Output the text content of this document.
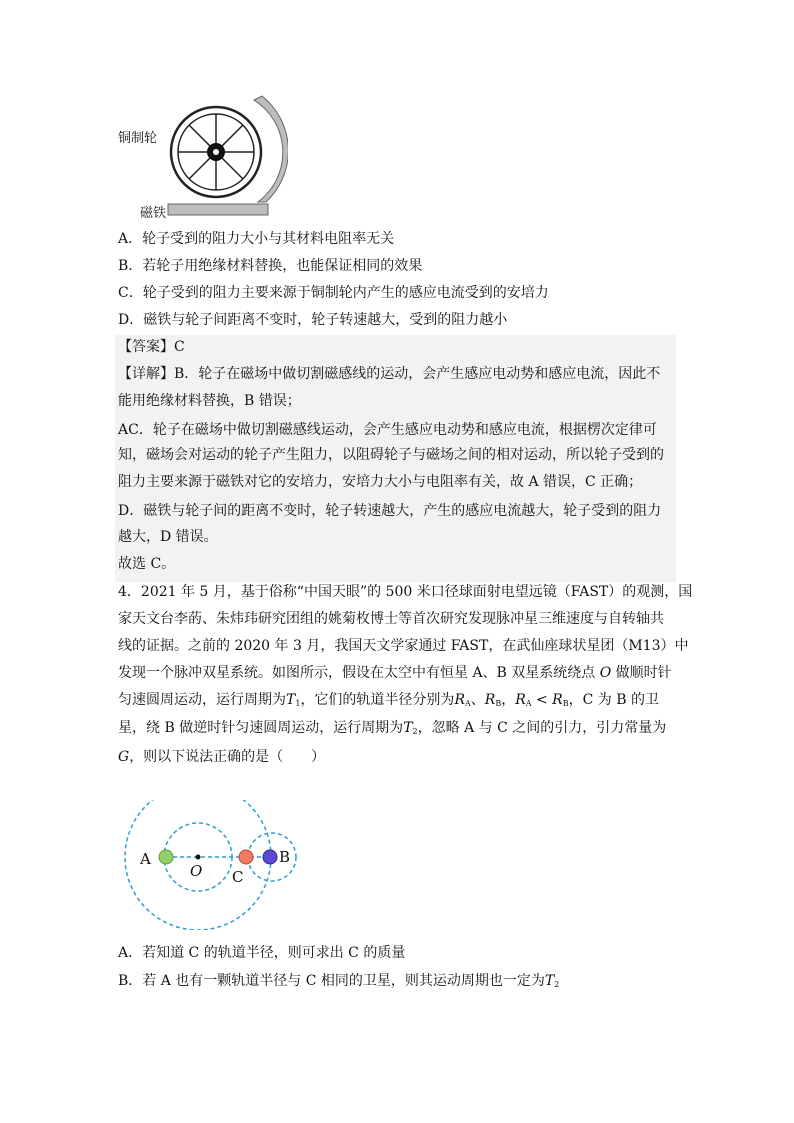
铜制轮
磁铁
A．轮子受到的阻力大小与其材料电阻率无关
B．若轮子用绝缘材料替换，也能保证相同的效果
C．轮子受到的阻力主要来源于铜制轮内产生的感应电流受到的安培力
D．磁铁与轮子间距离不变时，轮子转速越大，受到的阻力越小
【答案】C
【详解】B．轮子在磁场中做切割磁感线的运动，会产生感应电动势和感应电流，因此不
能用绝缘材料替换，B 错误；
AC．轮子在磁场中做切割磁感线运动，会产生感应电动势和感应电流，根据楞次定律可
知，磁场会对运动的轮子产生阻力，以阻碍轮子与磁场之间的相对运动，所以轮子受到的
阻力主要来源于磁铁对它的安培力，安培力大小与电阻率有关，故 A 错误，C 正确；
D．磁铁与轮子间的距离不变时，轮子转速越大，产生的感应电流越大，轮子受到的阻力
越大，D 错误。
故选 C。
4．2021 年 5 月，基于俗称“中国天眼”的 500 米口径球面射电望远镜（FAST）的观测，国
家天文台李菂、朱炜玮研究团组的姚菊枚博士等首次研究发现脉冲星三维速度与自转轴共
线的证据。之前的 2020 年 3 月，我国天文学家通过 FAST，在武仙座球状星团（M13）中
发现一个脉冲双星系统。如图所示，假设在太空中有恒星 A、B 双星系统绕点 O 做顺时针
匀速圆周运动，运行周期为$T_1$，它们的轨道半径分别为$R_A$、$R_B$，$R_A < R_B$，C 为 B 的卫
星，绕 B 做逆时针匀速圆周运动，运行周期为$T_2$，忽略 A 与 C 之间的引力，引力常量为
G，则以下说法正确的是（　　）
A
O C
B
A．若知道 C 的轨道半径，则可求出 C 的质量
B．若 A 也有一颗轨道半径与 C 相同的卫星，则其运动周期也一定为$T_2$
